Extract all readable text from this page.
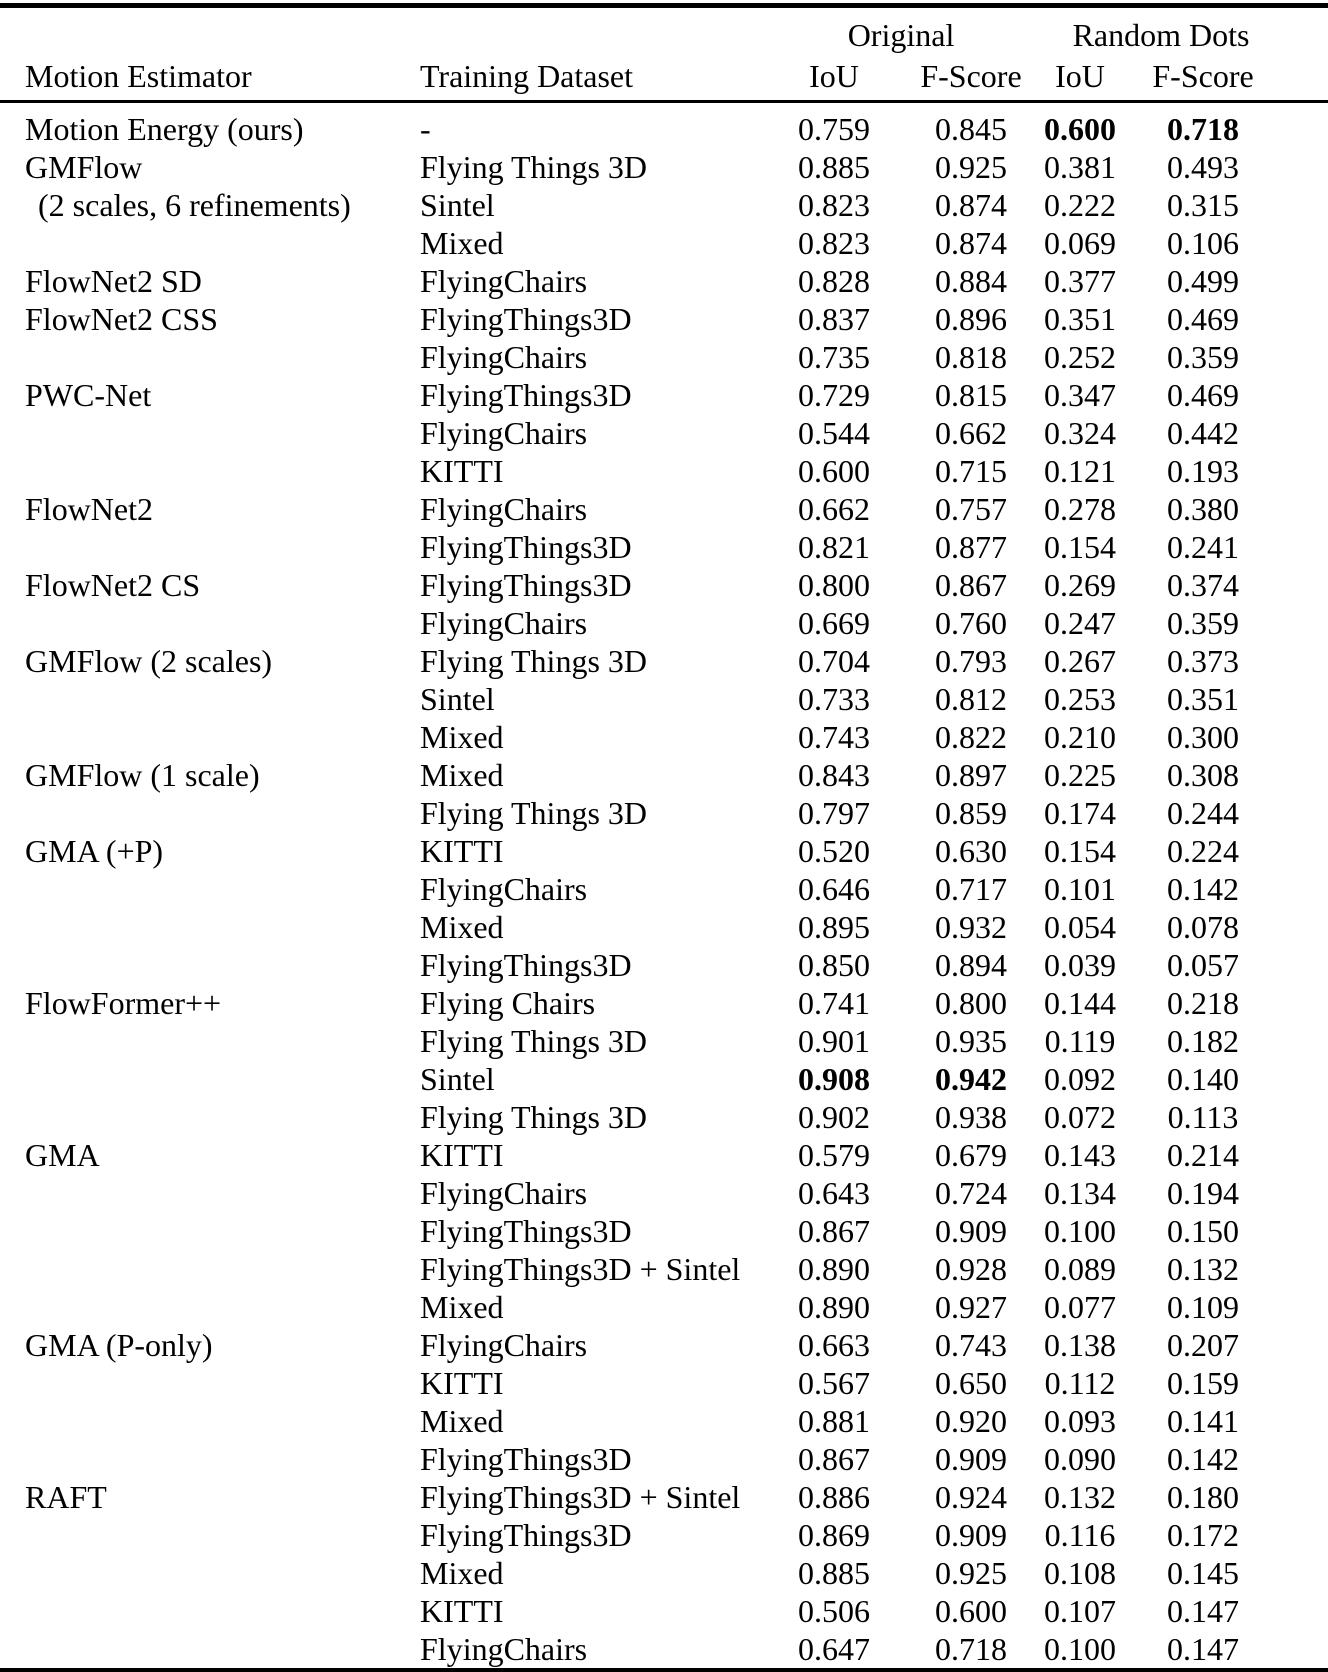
		Original		Random Dots	
Motion Estimator	Training Dataset	IoU	F-Score	IoU	F-Score
Motion Energy (ours)	-	0.759	0.845	0.600	0.718
GMFlow	Flying Things 3D	0.885	0.925	0.381	0.493
(2 scales, 6 refinements)	Sintel	0.823	0.874	0.222	0.315
	Mixed	0.823	0.874	0.069	0.106
FlowNet2 SD	FlyingChairs	0.828	0.884	0.377	0.499
FlowNet2 CSS	FlyingThings3D	0.837	0.896	0.351	0.469
	FlyingChairs	0.735	0.818	0.252	0.359
PWC-Net	FlyingThings3D	0.729	0.815	0.347	0.469
	FlyingChairs	0.544	0.662	0.324	0.442
	KITTI	0.600	0.715	0.121	0.193
FlowNet2	FlyingChairs	0.662	0.757	0.278	0.380
	FlyingThings3D	0.821	0.877	0.154	0.241
FlowNet2 CS	FlyingThings3D	0.800	0.867	0.269	0.374
	FlyingChairs	0.669	0.760	0.247	0.359
GMFlow (2 scales)	Flying Things 3D	0.704	0.793	0.267	0.373
	Sintel	0.733	0.812	0.253	0.351
	Mixed	0.743	0.822	0.210	0.300
GMFlow (1 scale)	Mixed	0.843	0.897	0.225	0.308
	Flying Things 3D	0.797	0.859	0.174	0.244
GMA (+P)	KITTI	0.520	0.630	0.154	0.224
	FlyingChairs	0.646	0.717	0.101	0.142
	Mixed	0.895	0.932	0.054	0.078
	FlyingThings3D	0.850	0.894	0.039	0.057
FlowFormer++	Flying Chairs	0.741	0.800	0.144	0.218
	Flying Things 3D	0.901	0.935	0.119	0.182
	Sintel	0.908	0.942	0.092	0.140
	Flying Things 3D	0.902	0.938	0.072	0.113
GMA	KITTI	0.579	0.679	0.143	0.214
	FlyingChairs	0.643	0.724	0.134	0.194
	FlyingThings3D	0.867	0.909	0.100	0.150
	FlyingThings3D + Sintel	0.890	0.928	0.089	0.132
	Mixed	0.890	0.927	0.077	0.109
GMA (P-only)	FlyingChairs	0.663	0.743	0.138	0.207
	KITTI	0.567	0.650	0.112	0.159
	Mixed	0.881	0.920	0.093	0.141
	FlyingThings3D	0.867	0.909	0.090	0.142
RAFT	FlyingThings3D + Sintel	0.886	0.924	0.132	0.180
	FlyingThings3D	0.869	0.909	0.116	0.172
	Mixed	0.885	0.925	0.108	0.145
	KITTI	0.506	0.600	0.107	0.147
	FlyingChairs	0.647	0.718	0.100	0.147
